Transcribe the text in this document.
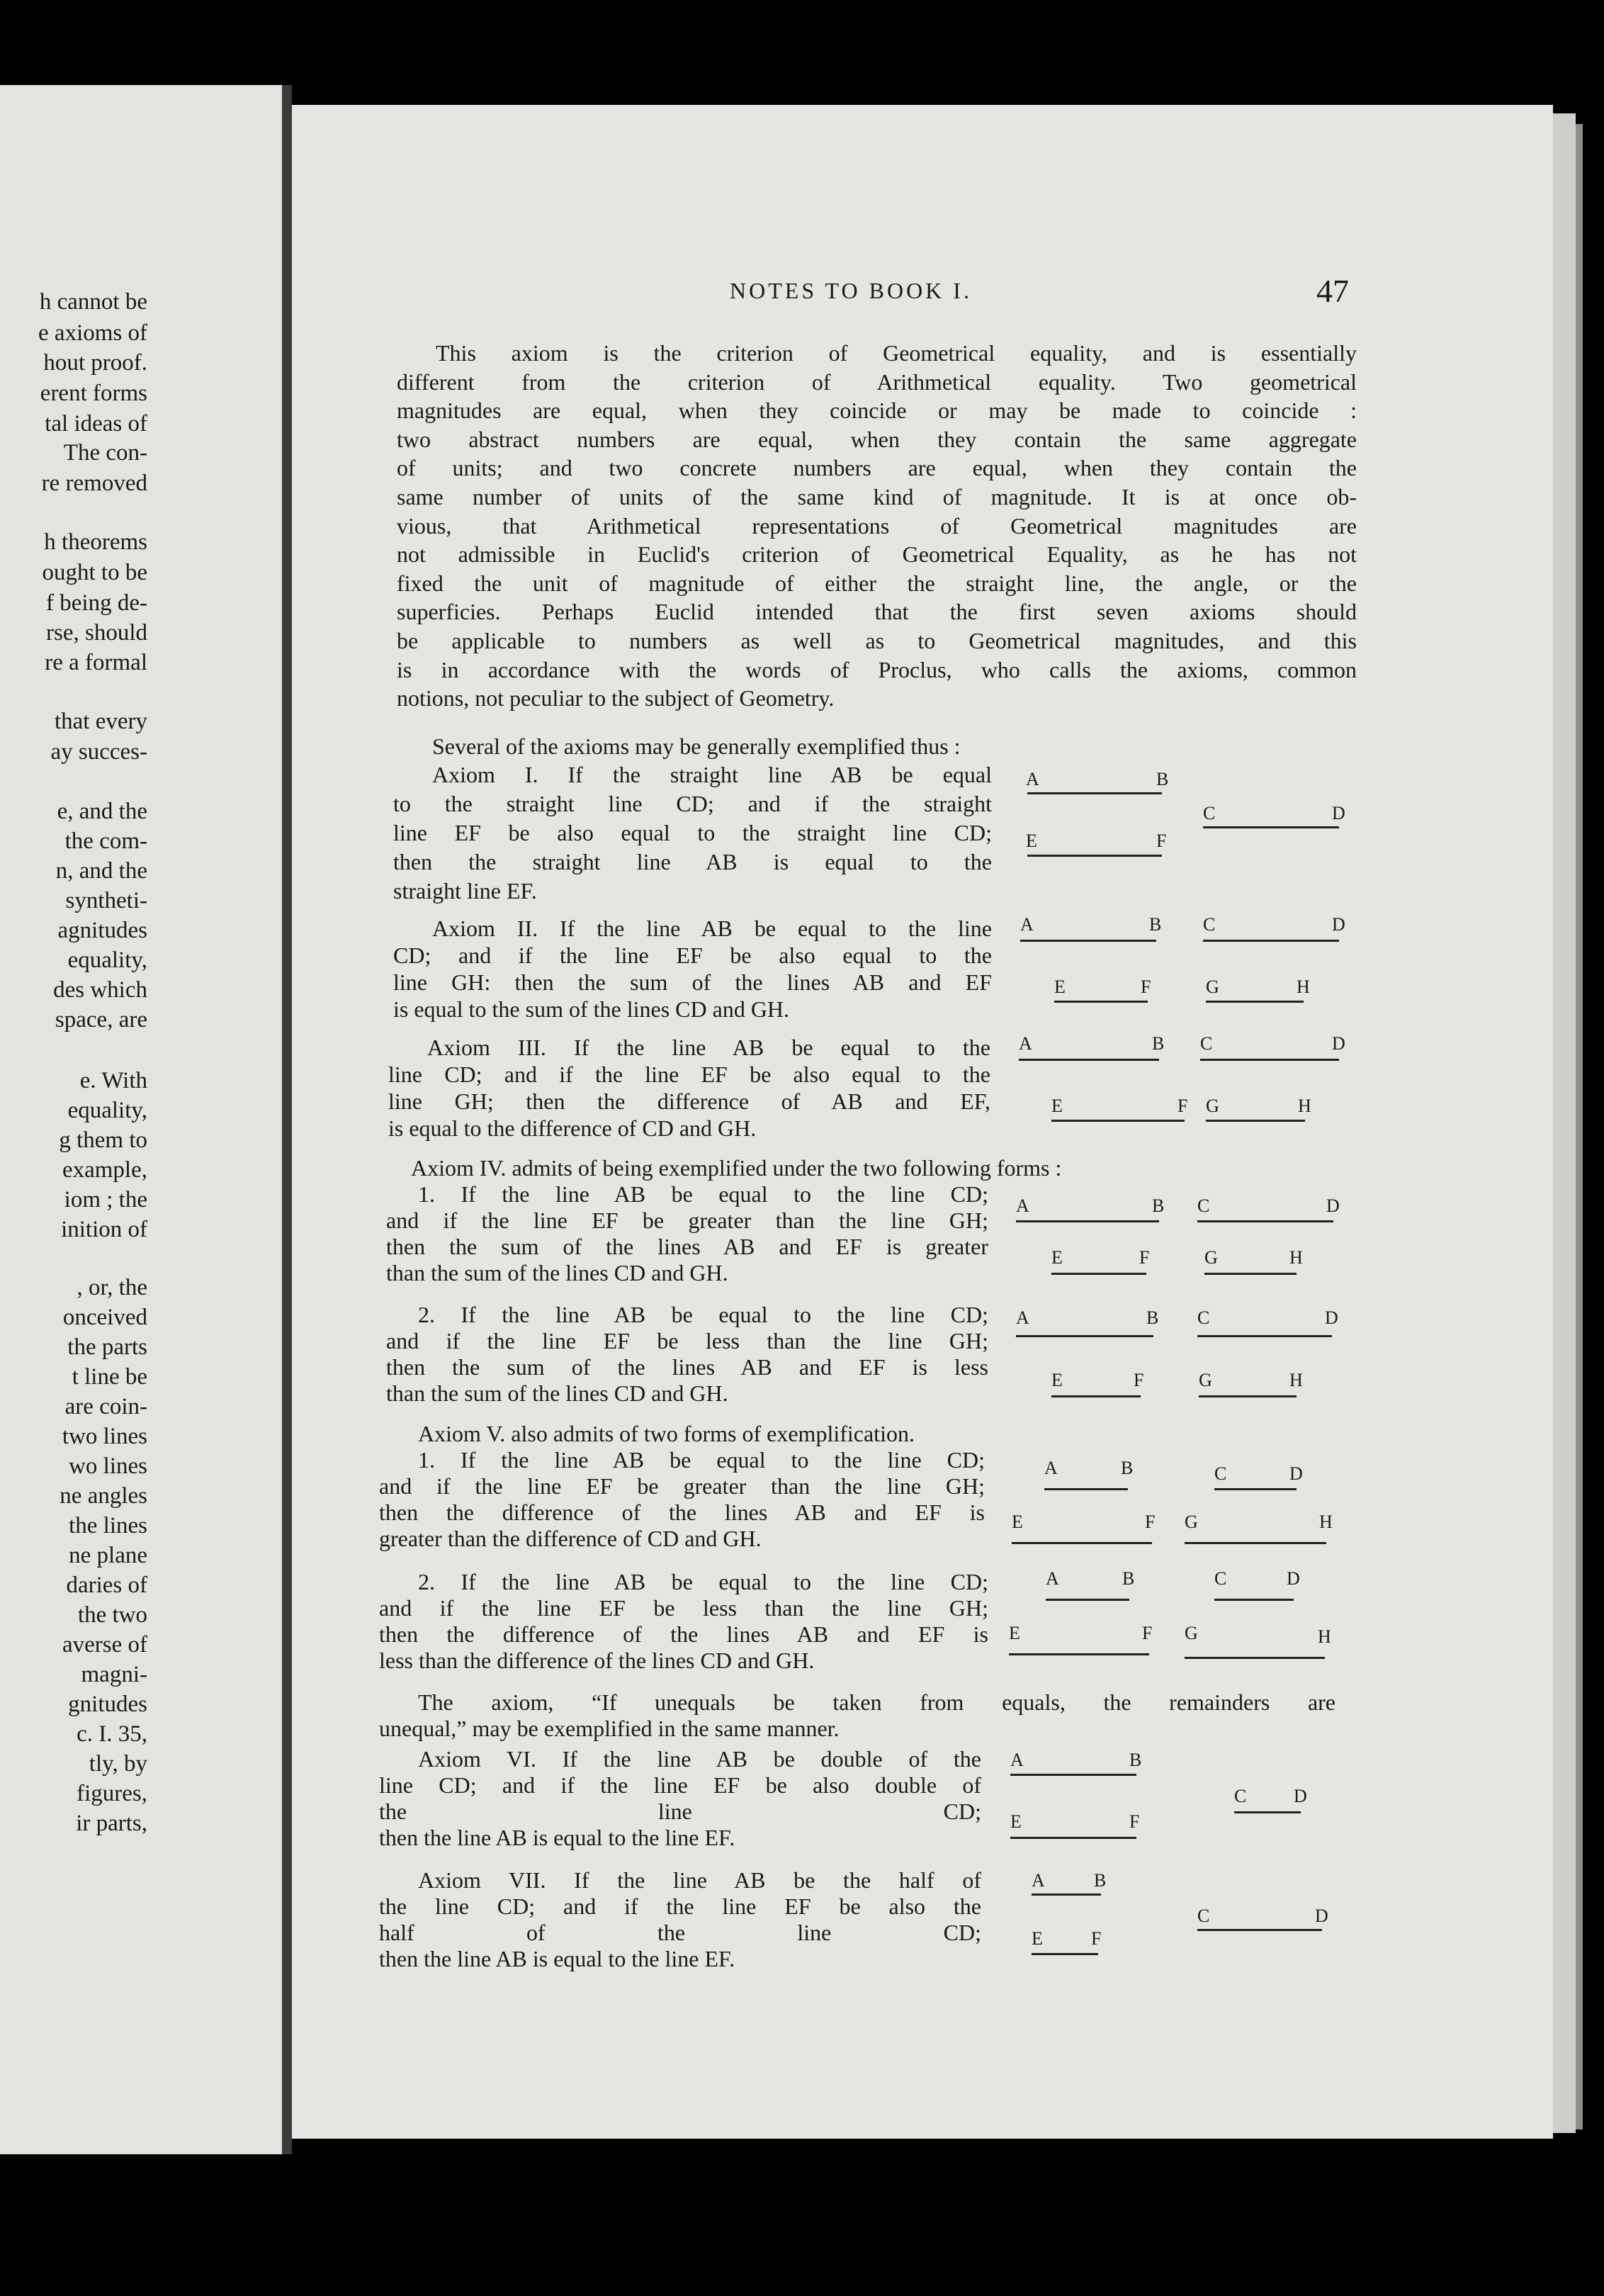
h cannot be
e axioms of
hout proof.
erent forms
tal ideas of
The con-
re removed
h theorems
ought to be
f being de-
rse, should
re a formal
that every
ay succes-
e, and the
the com-
n, and the
syntheti-
agnitudes
equality,
des which
space, are
e. With
equality,
g them to
example,
iom ; the
inition of
, or, the
onceived
the parts
t line be
are coin-
two lines
wo lines
ne angles
the lines
ne plane
daries of
the two
averse of
magni-
gnitudes
c. I. 35,
tly, by
figures,
ir parts,
NOTES TO BOOK I.	47
This axiom is the criterion of Geometrical equality, and is essentially
different from the criterion of Arithmetical equality. Two geometrical
magnitudes are equal, when they coincide or may be made to coincide :
two abstract numbers are equal, when they contain the same aggregate
of units; and two concrete numbers are equal, when they contain the
same number of units of the same kind of magnitude. It is at once ob-
vious, that Arithmetical representations of Geometrical magnitudes are
not admissible in Euclid's criterion of Geometrical Equality, as he has not
fixed the unit of magnitude of either the straight line, the angle, or the
superficies. Perhaps Euclid intended that the first seven axioms should
be applicable to numbers as well as to Geometrical magnitudes, and this
is in accordance with the words of Proclus, who calls the axioms, common
notions, not peculiar to the subject of Geometry.
Several of the axioms may be generally exemplified thus :
Axiom I. If the straight line AB be equal
to the straight line CD; and if the straight
line EF be also equal to the straight line CD;
then the straight line AB is equal to the
straight line EF.
Axiom II. If the line AB be equal to the line
CD; and if the line EF be also equal to the
line GH: then the sum of the lines AB and EF
is equal to the sum of the lines CD and GH.
Axiom III. If the line AB be equal to the
line CD; and if the line EF be also equal to the
line GH; then the difference of AB and EF,
is equal to the difference of CD and GH.
Axiom IV. admits of being exemplified under the two following forms :
1. If the line AB be equal to the line CD;
and if the line EF be greater than the line GH;
then the sum of the lines AB and EF is greater
than the sum of the lines CD and GH.
2. If the line AB be equal to the line CD;
and if the line EF be less than the line GH;
then the sum of the lines AB and EF is less
than the sum of the lines CD and GH.
Axiom V. also admits of two forms of exemplification.
1. If the line AB be equal to the line CD;
and if the line EF be greater than the line GH;
then the difference of the lines AB and EF is
greater than the difference of CD and GH.
2. If the line AB be equal to the line CD;
and if the line EF be less than the line GH;
then the difference of the lines AB and EF is
less than the difference of the lines CD and GH.
The axiom, “If unequals be taken from equals, the remainders are
unequal,” may be exemplified in the same manner.
Axiom VI. If the line AB be double of the
line CD; and if the line EF be also double of
the line CD;
then the line AB is equal to the line EF.
Axiom VII. If the line AB be the half of
the line CD; and if the line EF be also the
half of the line CD;
then the line AB is equal to the line EF.
A	B
C	D
E	F
A	B C	D
E	F	G	H
A	B C	D
E	F G	H
A	B C	D
E	F	G	H
A	B C	D
E	F	G	H
A	B	C	D
E	F G	H
A	B	C	D
E	F G	H
A	B
C	D
E	F
A	B
C	D
E	F
